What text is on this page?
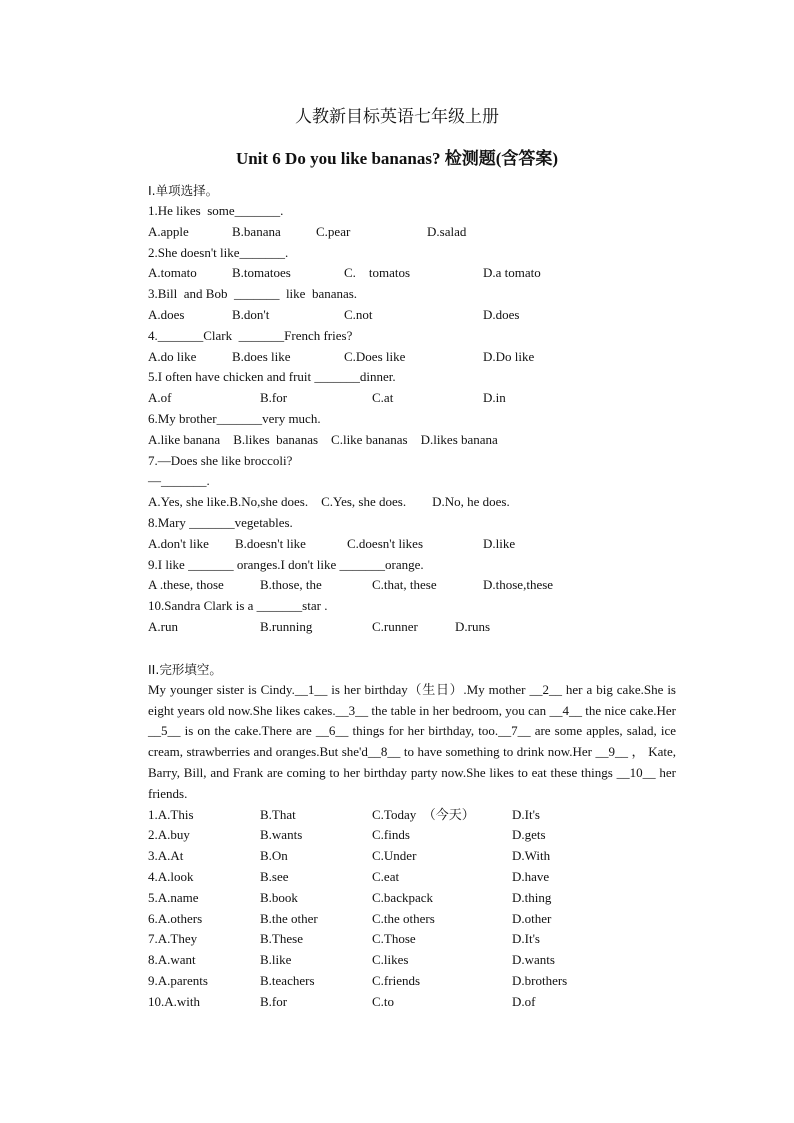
人教新目标英语七年级上册
Unit 6 Do you like bananas? 检测题(含答案)
I.单项选择。
1.He likes  some_______.
A.apple	B.banana	C.pear	D.salad
2.She doesn't like_______.
A.tomato	B.tomatoes	C.    tomatos	D.a tomato
3.Bill  and Bob  _______  like  bananas.
A.does	B.don't	C.not	D.does
4._______Clark  _______French fries?
A.do like	B.does like	C.Does like	D.Do like
5.I often have chicken and fruit _______dinner.
A.of	B.for	C.at	D.in
6.My brother_______very much.
A.like banana    B.likes  bananas    C.like bananas    D.likes banana
7.—Does she like broccoli?
—_______.
A.Yes, she like.B.No,she does.    C.Yes, she does.        D.No, he does.
8.Mary _______vegetables.
A.don't like B.doesn't like	C.doesn't likes	D.like
9.I like _______ oranges.I don't like _______orange.
A .these, those	B.those, the	C.that, these	D.those,these
10.Sandra Clark is a _______star .
A.run	B.running	C.runner	D.runs
II.完形填空。

My younger sister is Cindy.__1__ is her birthday（生日）.My mother __2__ her a big cake.She is eight years old now.She likes cakes.__3__ the table in her bedroom, you can __4__ the nice cake.Her __5__ is on the cake.There are __6__ things for her birthday, too.__7__ are some apples, salad, ice cream, strawberries and oranges.But she'd__8__ to have something to drink now.Her __9__ ， Kate, Barry, Bill, and Frank are coming to her birthday party now.She likes to eat these things __10__ her friends.

1.A.This	B.That	C.Today  （今天）	D.It's
2.A.buy	B.wants	C.finds	D.gets
3.A.At	B.On	C.Under	D.With
4.A.look	B.see	C.eat	D.have
5.A.name	B.book	C.backpack	D.thing
6.A.others	B.the other	C.the others	D.other
7.A.They	B.These	C.Those	D.It's
8.A.want	B.like	C.likes	D.wants
9.A.parents	B.teachers	C.friends	D.brothers
10.A.with	B.for	C.to	D.of
